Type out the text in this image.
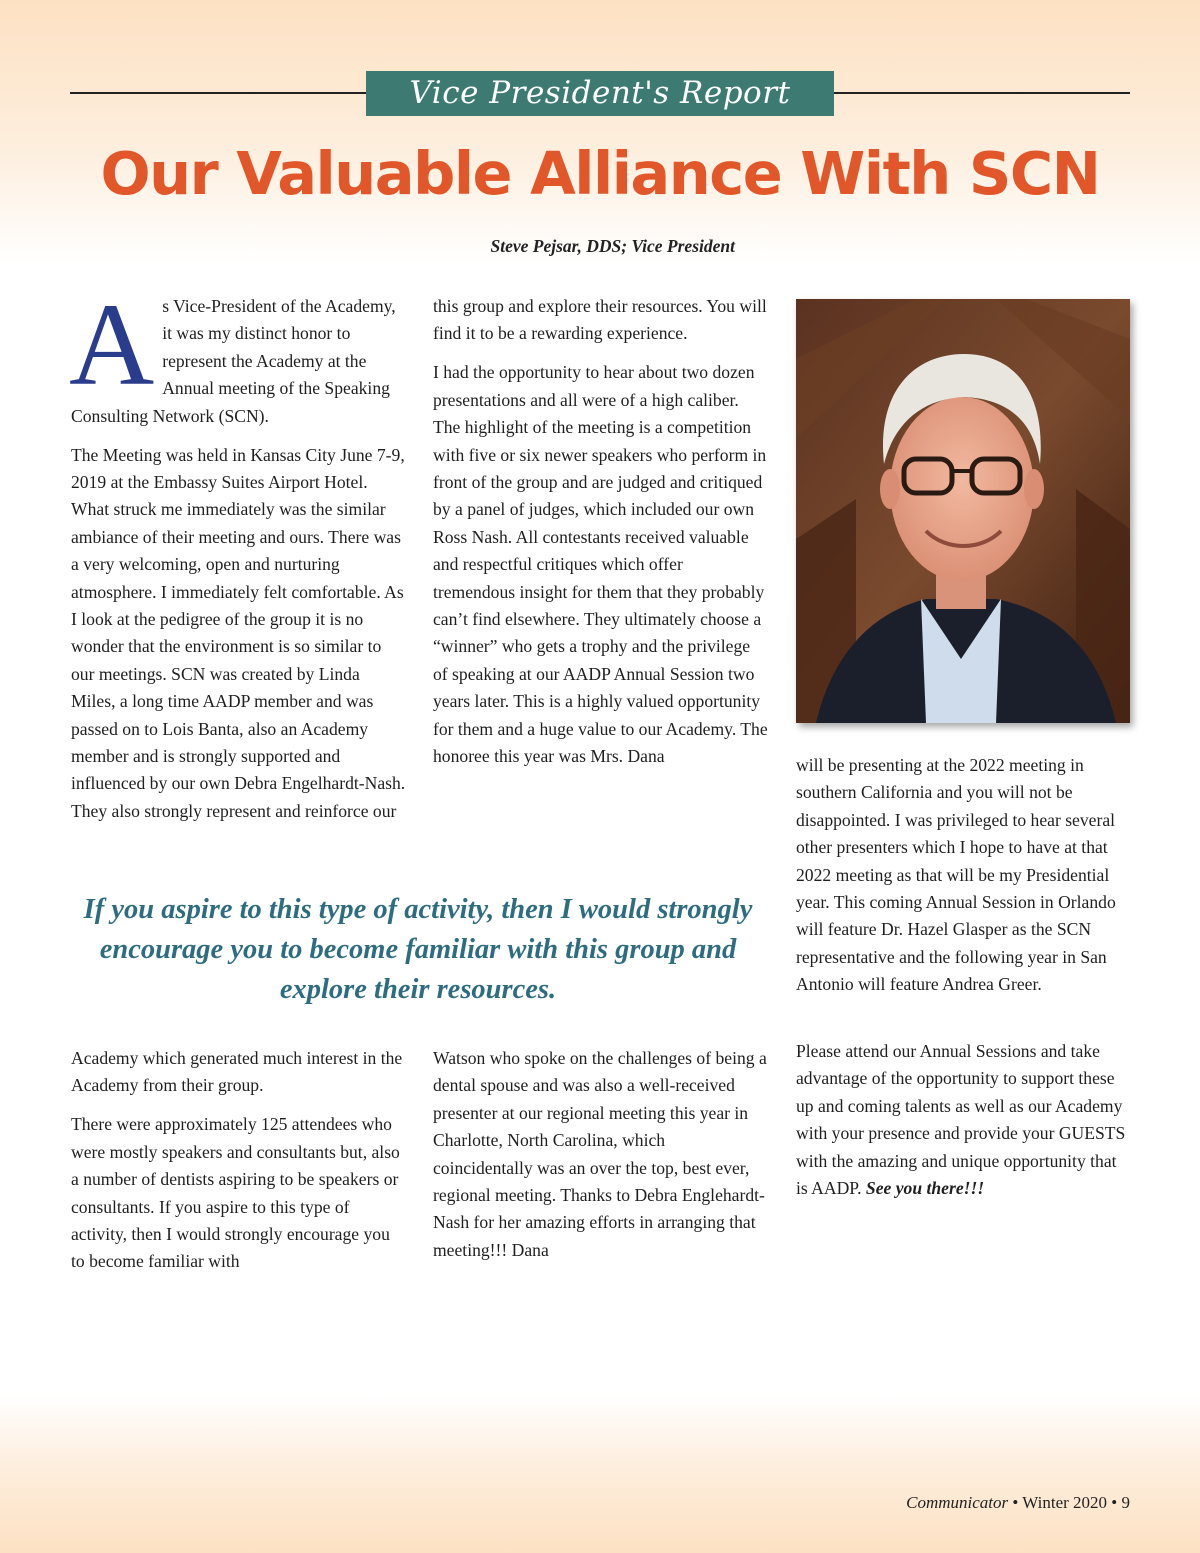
Vice President's Report
Our Valuable Alliance With SCN
Steve Pejsar, DDS; Vice President

As Vice-President of the Academy, it was my distinct honor to represent the Academy at the Annual meeting of the Speaking Consulting Network (SCN).

The Meeting was held in Kansas City June 7-9, 2019 at the Embassy Suites Airport Hotel. What struck me immediately was the similar ambiance of their meeting and ours. There was a very welcoming, open and nurturing atmosphere. I immediately felt comfortable. As I look at the pedigree of the group it is no wonder that the environment is so similar to our meetings. SCN was created by Linda Miles, a long time AADP member and was passed on to Lois Banta, also an Academy member and is strongly supported and influenced by our own Debra Engelhardt-Nash. They also strongly represent and reinforce our

this group and explore their resources. You will find it to be a rewarding experience.

I had the opportunity to hear about two dozen presentations and all were of a high caliber. The highlight of the meeting is a competition with five or six newer speakers who perform in front of the group and are judged and critiqued by a panel of judges, which included our own Ross Nash. All contestants received valuable and respectful critiques which offer tremendous insight for them that they probably can’t find elsewhere. They ultimately choose a “winner” who gets a trophy and the privilege of speaking at our AADP Annual Session two years later. This is a highly valued opportunity for them and a huge value to our Academy. The honoree this year was Mrs. Dana	will be presenting at the 2022 meeting in southern California and you will not be disappointed. I was privileged to hear several other presenters which I hope to have at that 2022 meeting as that will be my Presidential year. This coming Annual Session in Orlando will feature Dr. Hazel Glasper as the SCN representative and the following year in San Antonio will feature Andrea Greer.

If you aspire to this type of activity, then I would strongly encourage you to become familiar with this group and explore their resources.

Academy which generated much interest in the Academy from their group.

There were approximately 125 attendees who were mostly speakers and consultants but, also a number of dentists aspiring to be speakers or consultants. If you aspire to this type of activity, then I would strongly encourage you to become familiar with

Watson who spoke on the challenges of being a dental spouse and was also a well-received presenter at our regional meeting this year in Charlotte, North Carolina, which coincidentally was an over the top, best ever, regional meeting. Thanks to Debra Englehardt-Nash for her amazing efforts in arranging that meeting!!! Dana

Please attend our Annual Sessions and take advantage of the opportunity to support these up and coming talents as well as our Academy with your presence and provide your GUESTS with the amazing and unique opportunity that is AADP. See you there!!!

Communicator • Winter 2020 • 9
